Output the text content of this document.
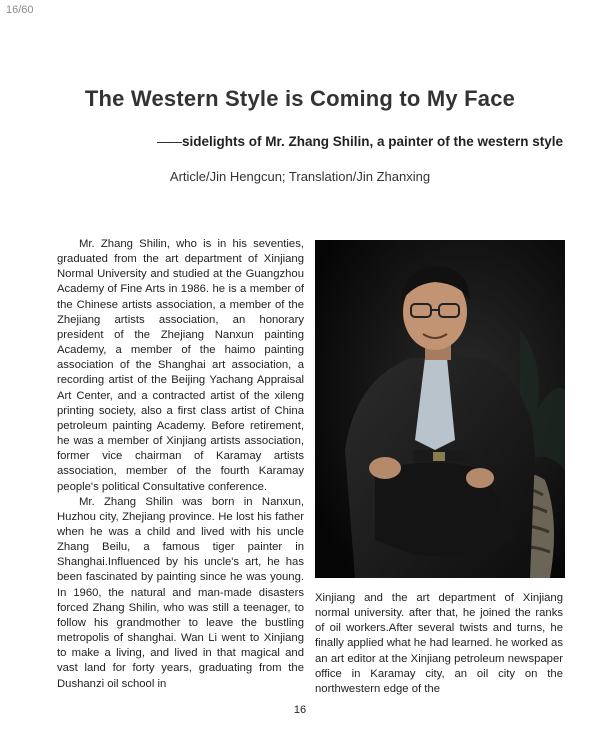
16/60
The Western Style is Coming to My Face
—— sidelights of Mr. Zhang Shilin, a painter of the western style
Article/Jin Hengcun; Translation/Jin Zhanxing

Mr. Zhang Shilin, who is in his seventies, graduated from the art department of Xinjiang Normal University and studied at the Guangzhou Academy of Fine Arts in 1986. he is a member of the Chinese artists association, a member of the Zhejiang artists association, an honorary president of the Zhejiang Nanxun painting Academy, a member of the haimo painting association of the Shanghai art association, a recording artist of the Beijing Yachang Appraisal Art Center, and a contracted artist of the xileng printing society, also a first class artist of China petroleum painting Academy. Before retirement, he was a member of Xinjiang artists association, former vice chairman of Karamay artists association, member of the fourth Karamay people's political Consultative conference.

Mr. Zhang Shilin was born in Nanxun, Huzhou city, Zhejiang province. He lost his father when he was a child and lived with his uncle Zhang Beilu, a famous tiger painter in Shanghai.Influenced by his uncle's art, he has been fascinated by painting since he was young. In 1960, the natural and man-made disasters forced Zhang Shilin, who was still a teenager, to follow his grandmother to leave the bustling metropolis of shanghai. Wan Li went to Xinjiang to make a living, and lived in that magical and vast land for forty years, graduating from the Dushanzi oil school in

Xinjiang and the art department of Xinjiang normal university. after that, he joined the ranks of oil workers.After several twists and turns, he finally applied what he had learned. he worked as an art editor at the Xinjiang petroleum newspaper office in Karamay city, an oil city on the northwestern edge of the

16
